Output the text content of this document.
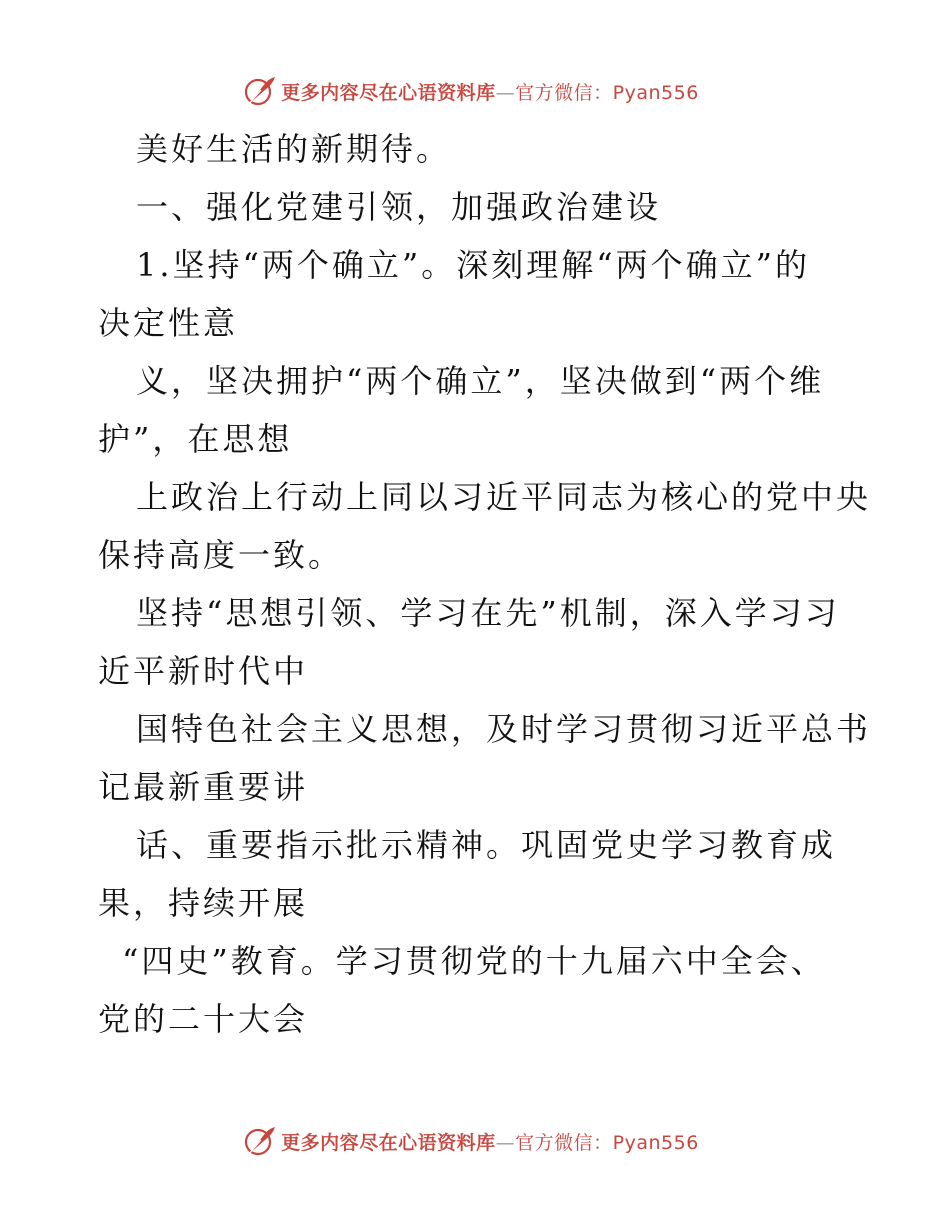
更多内容尽在心语资料库—官方微信：Pyan556
美好生活的新期待。
一、强化党建引领，加强政治建设
1.坚持“两个确立”。深刻理解“两个确立”的
决定性意
义，坚决拥护“两个确立”，坚决做到“两个维
护”，在思想
上政治上行动上同以习近平同志为核心的党中央
保持高度一致。
坚持“思想引领、学习在先”机制，深入学习习
近平新时代中
国特色社会主义思想，及时学习贯彻习近平总书
记最新重要讲
话、重要指示批示精神。巩固党史学习教育成
果，持续开展
“四史”教育。学习贯彻党的十九届六中全会、
党的二十大会
更多内容尽在心语资料库—官方微信：Pyan556
